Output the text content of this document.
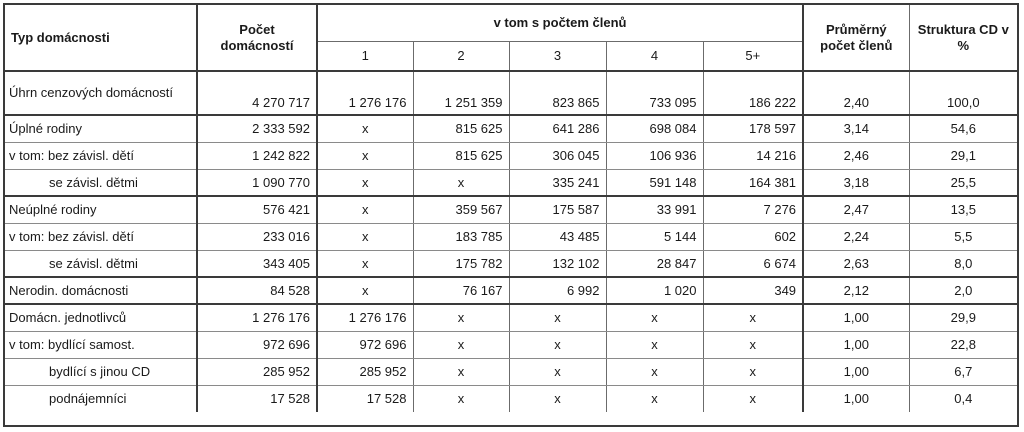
Typ domácnosti	Počet domácností	v tom s počtem členů					Průměrný počet členů	Struktura CD v %
		1	2	3	4	5+		
Úhrn cenzových domácností	4 270 717	1 276 176	1 251 359	823 865	733 095	186 222	2,40	100,0
Úplné rodiny	2 333 592	x	815 625	641 286	698 084	178 597	3,14	54,6
v tom: bez závisl. dětí	1 242 822	x	815 625	306 045	106 936	14 216	2,46	29,1
se závisl. dětmi	1 090 770	x	x	335 241	591 148	164 381	3,18	25,5
Neúplné rodiny	576 421	x	359 567	175 587	33 991	7 276	2,47	13,5
v tom: bez závisl. dětí	233 016	x	183 785	43 485	5 144	602	2,24	5,5
se závisl. dětmi	343 405	x	175 782	132 102	28 847	6 674	2,63	8,0
Nerodin. domácnosti	84 528	x	76 167	6 992	1 020	349	2,12	2,0
Domácn. jednotlivců	1 276 176	1 276 176	x	x	x	x	1,00	29,9
v tom: bydlící samost.	972 696	972 696	x	x	x	x	1,00	22,8
bydlící s jinou CD	285 952	285 952	x	x	x	x	1,00	6,7
podnájemníci	17 528	17 528	x	x	x	x	1,00	0,4
